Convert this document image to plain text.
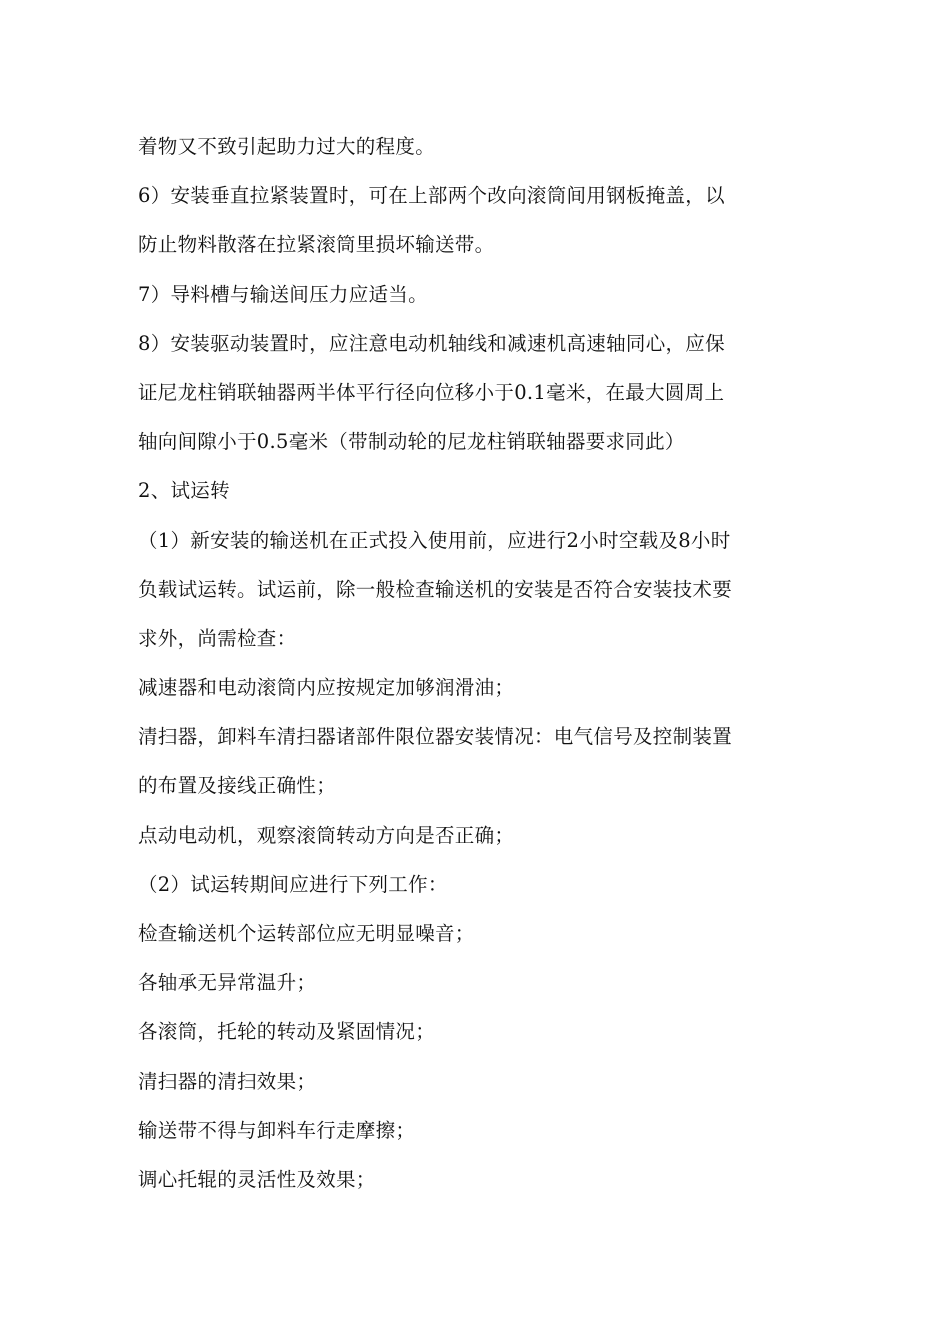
着物又不致引起助力过大的程度。
6）安装垂直拉紧装置时，可在上部两个改向滚筒间用钢板掩盖，以
防止物料散落在拉紧滚筒里损坏输送带。
7）导料槽与输送间压力应适当。
8）安装驱动装置时，应注意电动机轴线和减速机高速轴同心，应保
证尼龙柱销联轴器两半体平行径向位移小于0.1毫米，在最大圆周上
轴向间隙小于0.5毫米（带制动轮的尼龙柱销联轴器要求同此）
2、试运转
（1）新安装的输送机在正式投入使用前，应进行2小时空载及8小时
负载试运转。试运前，除一般检查输送机的安装是否符合安装技术要
求外，尚需检查：
减速器和电动滚筒内应按规定加够润滑油；
清扫器，卸料车清扫器诸部件限位器安装情况：电气信号及控制装置
的布置及接线正确性；
点动电动机，观察滚筒转动方向是否正确；
（2）试运转期间应进行下列工作：
检查输送机个运转部位应无明显噪音；
各轴承无异常温升；
各滚筒，托轮的转动及紧固情况；
清扫器的清扫效果；
输送带不得与卸料车行走摩擦；
调心托辊的灵活性及效果；
